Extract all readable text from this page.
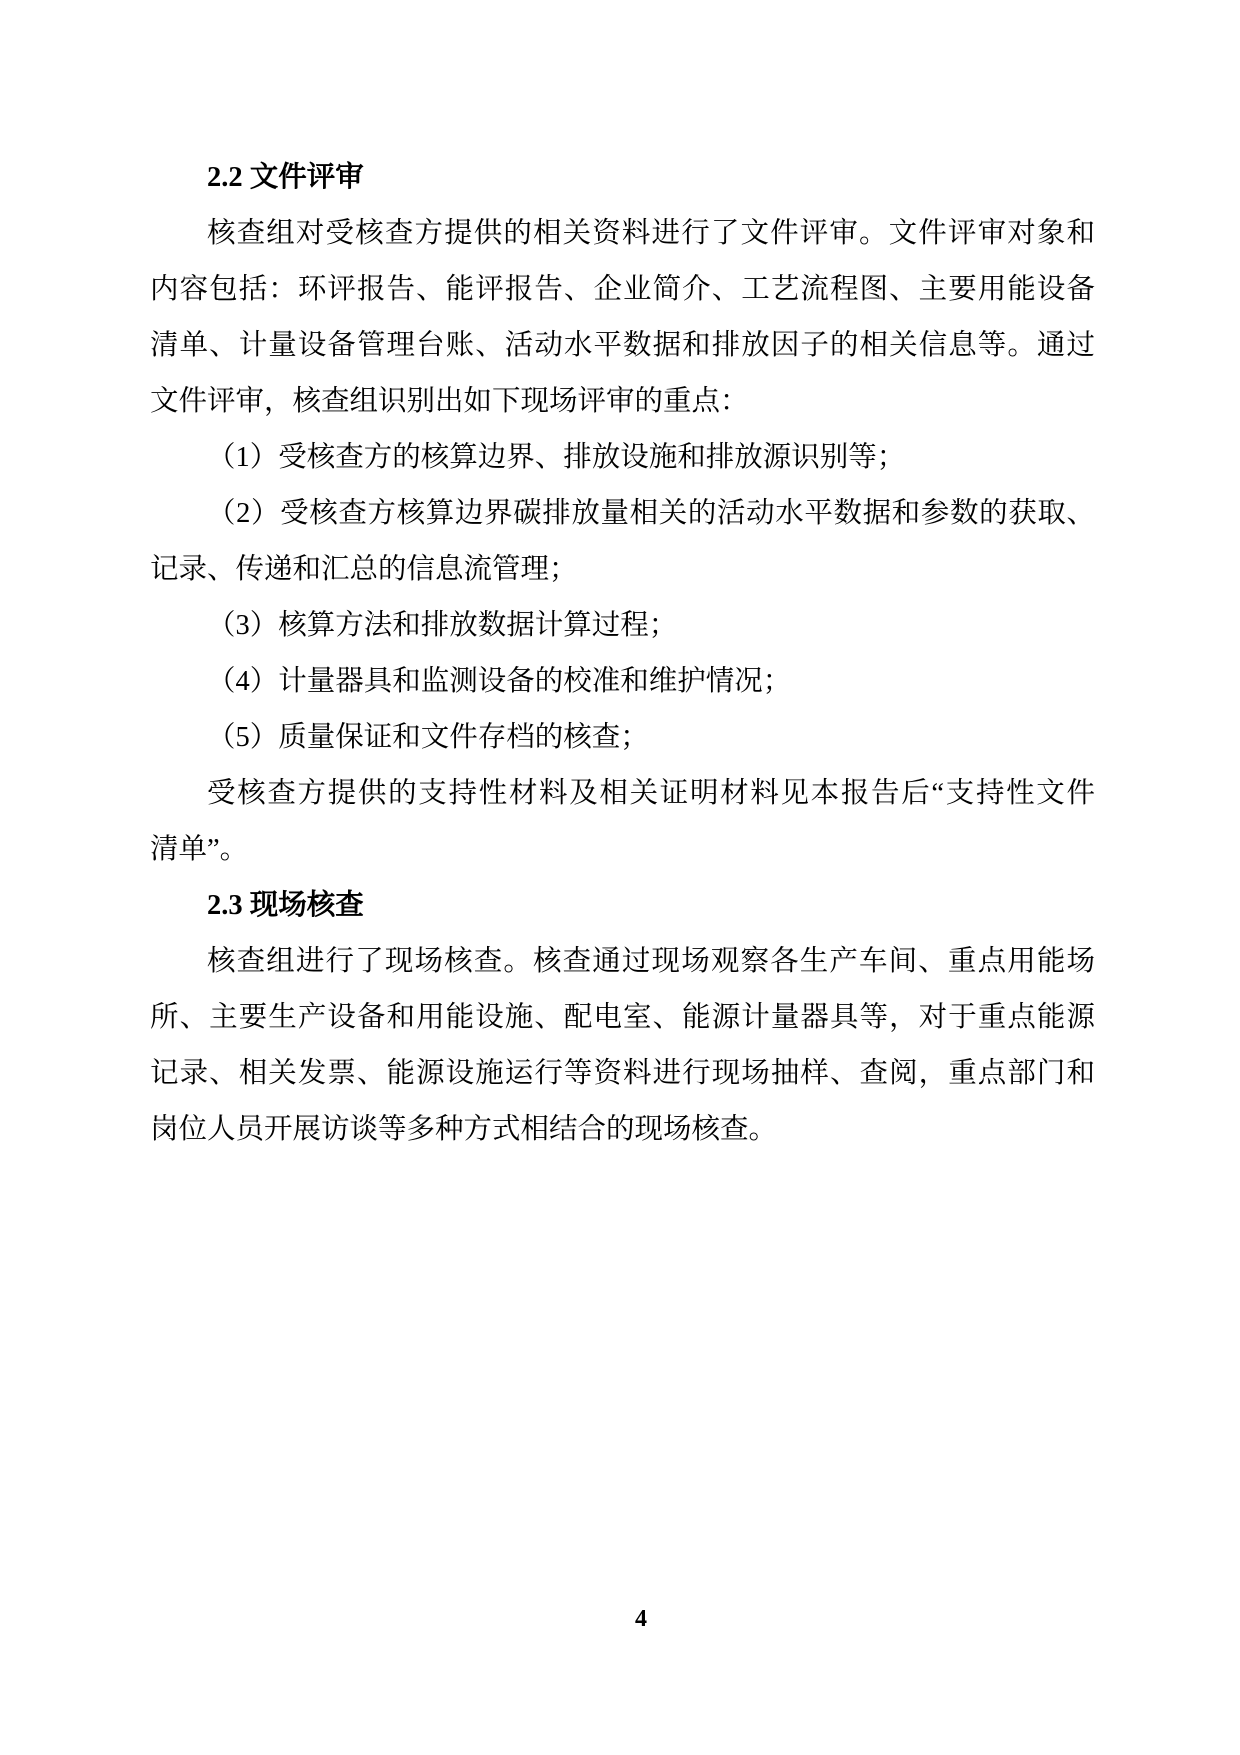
2.2 文件评审
核查组对受核查方提供的相关资料进行了文件评审。文件评审对象和
内容包括：环评报告、能评报告、企业简介、工艺流程图、主要用能设备
清单、计量设备管理台账、活动水平数据和排放因子的相关信息等。通过
文件评审，核查组识别出如下现场评审的重点：
（1）受核查方的核算边界、排放设施和排放源识别等；
（2）受核查方核算边界碳排放量相关的活动水平数据和参数的获取、
记录、传递和汇总的信息流管理；
（3）核算方法和排放数据计算过程；
（4）计量器具和监测设备的校准和维护情况；
（5）质量保证和文件存档的核查；
受核查方提供的支持性材料及相关证明材料见本报告后“支持性文件
清单”。
2.3 现场核查
核查组进行了现场核查。核查通过现场观察各生产车间、重点用能场
所、主要生产设备和用能设施、配电室、能源计量器具等，对于重点能源
记录、相关发票、能源设施运行等资料进行现场抽样、查阅，重点部门和
岗位人员开展访谈等多种方式相结合的现场核查。
4
